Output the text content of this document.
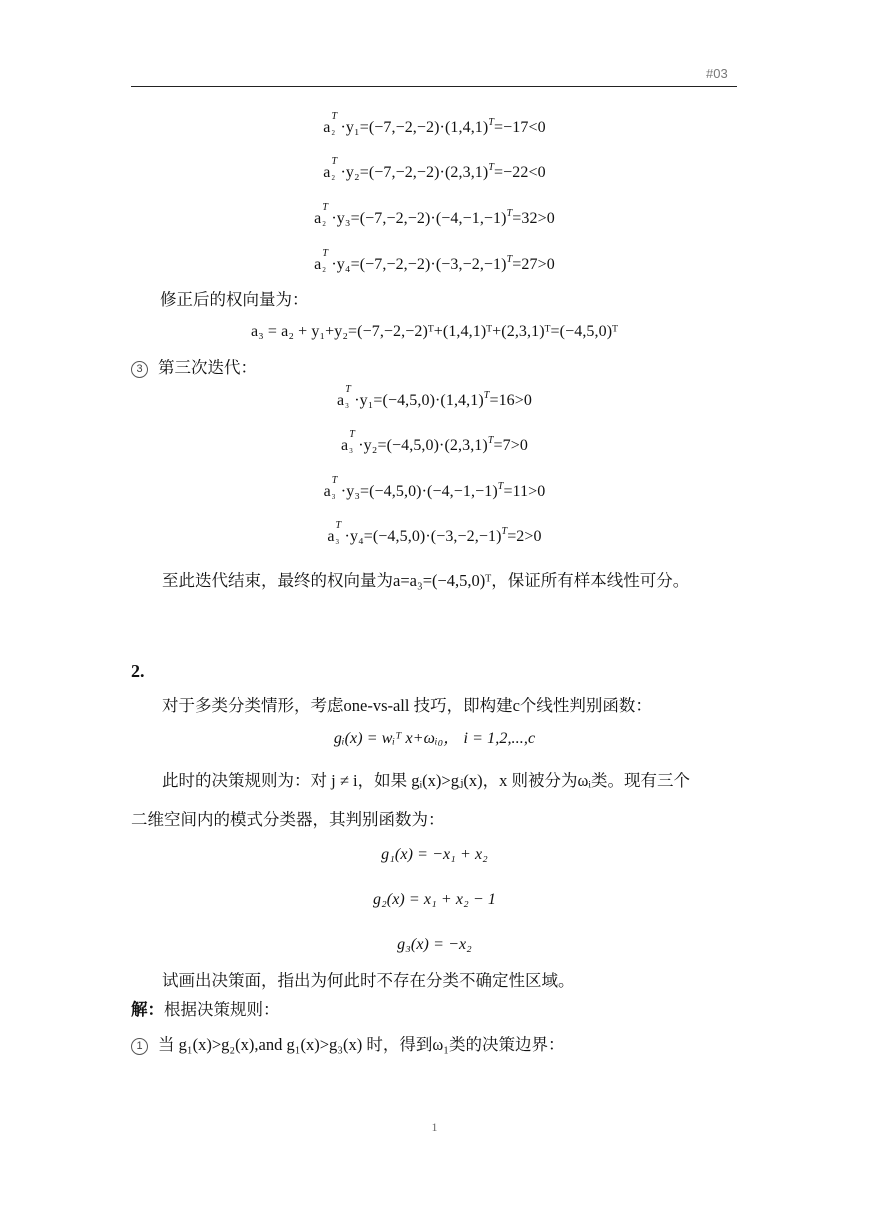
#03
a
T
$2 \cdot y_1=(-7,-2,-2)\cdot(1,4,1)^T=-17<0$
a
T
$2 \cdot y_2=(-7,-2,-2)\cdot(2,3,1)^T=-22<0$
a
T
$2 \cdot y_3=(-7,-2,-2)\cdot(-4,-1,-1)^T=32>0$
a
T
$2 \cdot y_4=(-7,-2,-2)\cdot(-3,-2,-1)^T=27>0$
修正后的权向量为：
a₃ = a₂ + y₁+y₂=(−7,−2,−2)ᵀ+(1,4,1)ᵀ+(2,3,1)ᵀ=(−4,5,0)ᵀ
3 第三次迭代：
a
T
$3 \cdot y_1=(-4,5,0)\cdot(1,4,1)^T=16>0$
a
T
$3 \cdot y_2=(-4,5,0)\cdot(2,3,1)^T=7>0$
a
T
$3 \cdot y_3=(-4,5,0)\cdot(-4,-1,-1)^T=11>0$
a
T
$3 \cdot y_4=(-4,5,0)\cdot(-3,-2,-1)^T=2>0$
至此迭代结束，最终的权向量为a=a₃=(−4,5,0)ᵀ，保证所有样本线性可分。
2.
对于多类分类情形，考虑one-vs-all 技巧，即构建c个线性判别函数：
gᵢ(x) = wᵢᵀ x+ωᵢ₀， i = 1,2,...,c
此时的决策规则为：对 j ≠ i，如果 gᵢ(x)>gⱼ(x)，x 则被分为ωᵢ类。现有三个
二维空间内的模式分类器，其判别函数为：
g₁(x) = −x₁ + x₂
g₂(x) = x₁ + x₂ − 1
g₃(x) = −x₂
试画出决策面，指出为何此时不存在分类不确定性区域。
解：根据决策规则：
1 当 g₁(x)>g₂(x),and g₁(x)>g₃(x) 时，得到ω₁类的决策边界：
1
